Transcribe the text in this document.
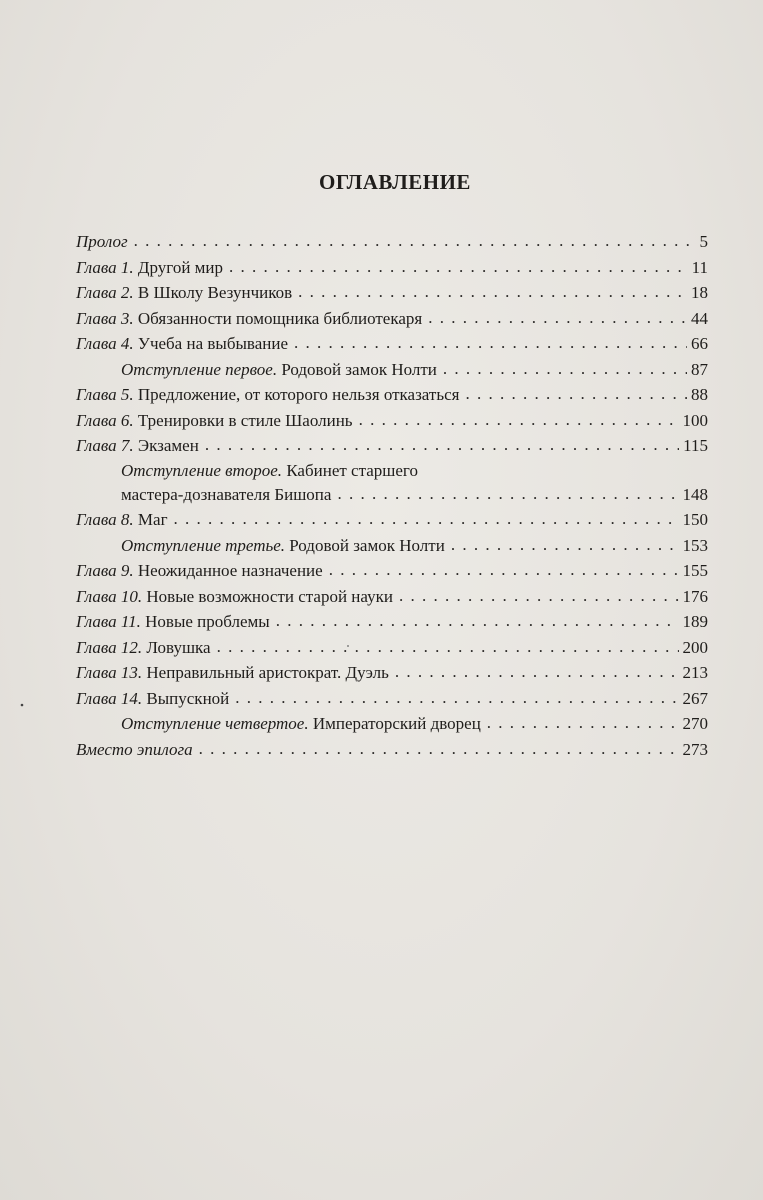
ОГЛАВЛЕНИЕ
Пролог . . .	5
Глава 1. Другой мир . . .	11
Глава 2. В Школу Везунчиков . . .	18
Глава 3. Обязанности помощника библиотекаря . . .	44
Глава 4. Учеба на выбывание . . .	66
Отступление первое. Родовой замок Нолти . . .	87
Глава 5. Предложение, от которого нельзя отказаться . . .	88
Глава 6. Тренировки в стиле Шаолинь . . .	100
Глава 7. Экзамен . . .	115
Отступление второе. Кабинет старшего
мастера-дознавателя Бишопа . . .	148
Глава 8. Маг . . .	150
Отступление третье. Родовой замок Нолти . . .	153
Глава 9. Неожиданное назначение . . .	155
Глава 10. Новые возможности старой науки . . .	176
Глава 11. Новые проблемы . . .	189
Глава 12. Ловушка . . .	200
Глава 13. Неправильный аристократ. Дуэль . . .	213
Глава 14. Выпускной . . .	267
Отступление четвертое. Императорский дворец . . .	270
Вместо эпилога . . .	273
